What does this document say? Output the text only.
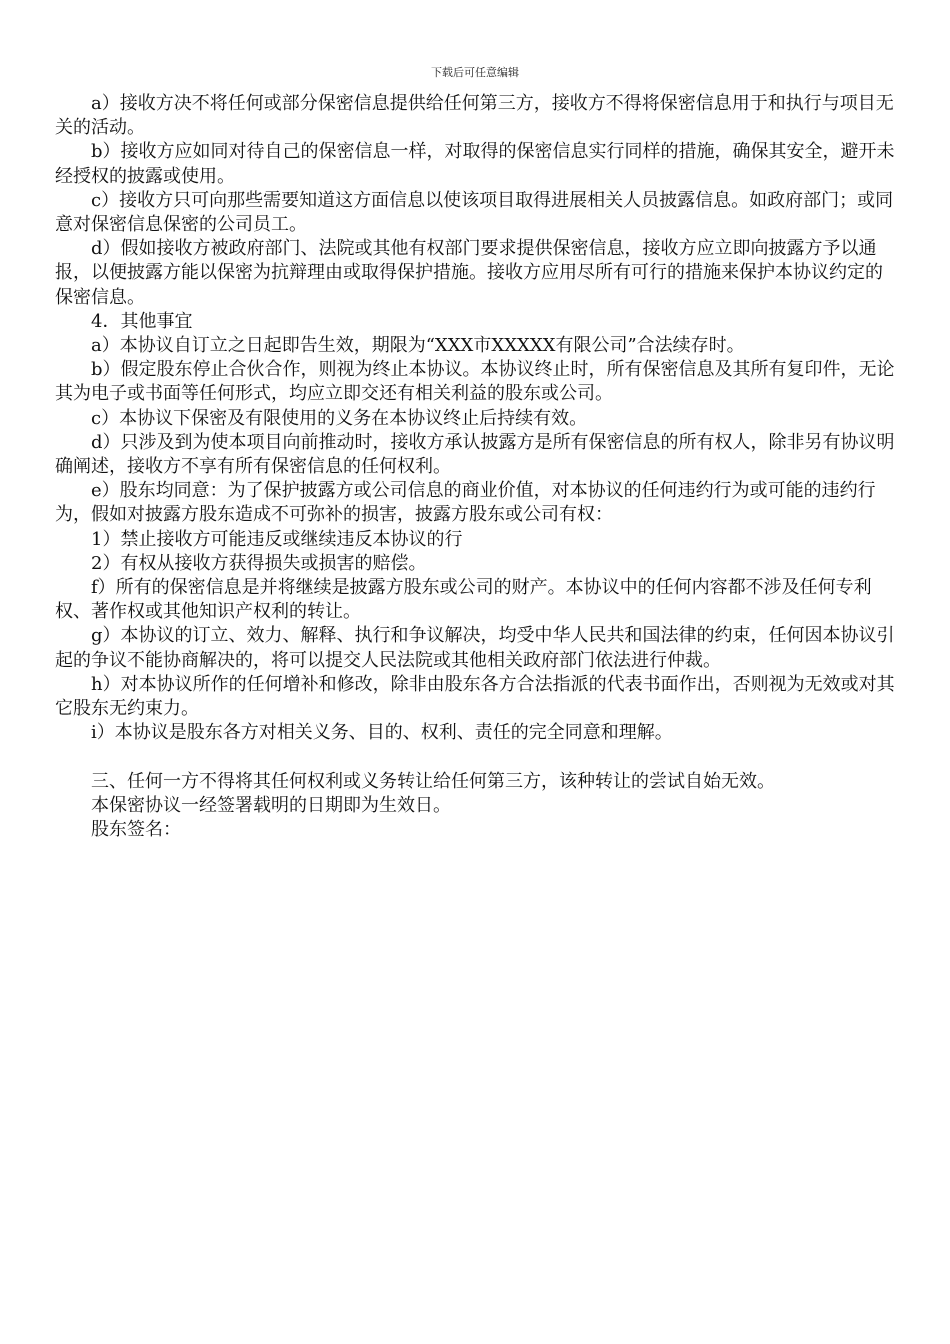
下载后可任意编辑

a）接收方决不将任何或部分保密信息提供给任何第三方，接收方不得将保密信息用于和执行与项目无关的活动。

b）接收方应如同对待自己的保密信息一样，对取得的保密信息实行同样的措施，确保其安全，避开未经授权的披露或使用。

c）接收方只可向那些需要知道这方面信息以使该项目取得进展相关人员披露信息。如政府部门；或同意对保密信息保密的公司员工。

d）假如接收方被政府部门、法院或其他有权部门要求提供保密信息，接收方应立即向披露方予以通报，以便披露方能以保密为抗辩理由或取得保护措施。接收方应用尽所有可行的措施来保护本协议约定的保密信息。

4．其他事宜

a）本协议自订立之日起即告生效，期限为“XXX市XXXXX有限公司”合法续存时。

b）假定股东停止合伙合作，则视为终止本协议。本协议终止时，所有保密信息及其所有复印件，无论其为电子或书面等任何形式，均应立即交还有相关利益的股东或公司。

c）本协议下保密及有限使用的义务在本协议终止后持续有效。

d）只涉及到为使本项目向前推动时，接收方承认披露方是所有保密信息的所有权人，除非另有协议明确阐述，接收方不享有所有保密信息的任何权利。

e）股东均同意：为了保护披露方或公司信息的商业价值，对本协议的任何违约行为或可能的违约行为，假如对披露方股东造成不可弥补的损害，披露方股东或公司有权：

1）禁止接收方可能违反或继续违反本协议的行

2）有权从接收方获得损失或损害的赔偿。

f）所有的保密信息是并将继续是披露方股东或公司的财产。本协议中的任何内容都不涉及任何专利权、著作权或其他知识产权利的转让。

g）本协议的订立、效力、解释、执行和争议解决，均受中华人民共和国法律的约束，任何因本协议引起的争议不能协商解决的，将可以提交人民法院或其他相关政府部门依法进行仲裁。

h）对本协议所作的任何增补和修改，除非由股东各方合法指派的代表书面作出，否则视为无效或对其它股东无约束力。

i）本协议是股东各方对相关义务、目的、权利、责任的完全同意和理解。

三、任何一方不得将其任何权利或义务转让给任何第三方，该种转让的尝试自始无效。

本保密协议一经签署载明的日期即为生效日。

股东签名：
